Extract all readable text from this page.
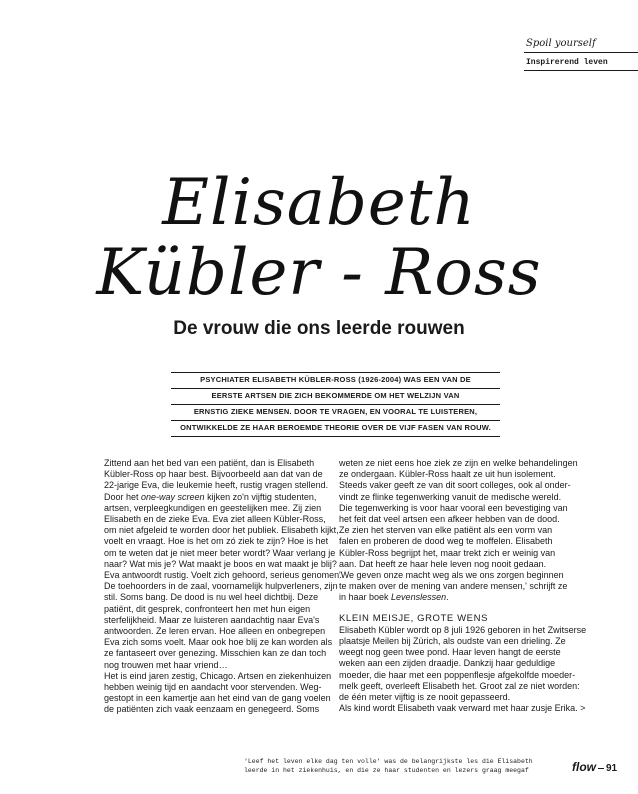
Spoil yourself
Inspirerend leven
Elisabeth
Kübler - Ross
De vrouw die ons leerde rouwen
PSYCHIATER ELISABETH KÜBLER-ROSS (1926-2004) WAS EEN VAN DE
EERSTE ARTSEN DIE ZICH BEKOMMERDE OM HET WELZIJN VAN
ERNSTIG ZIEKE MENSEN. DOOR TE VRAGEN, EN VOORAL TE LUISTEREN,
ONTWIKKELDE ZE HAAR BEROEMDE THEORIE OVER DE VIJF FASEN VAN ROUW.
Zittend aan het bed van een patiënt, dan is Elisabeth
Kübler-Ross op haar best. Bijvoorbeeld aan dat van de
22-jarige Eva, die leukemie heeft, rustig vragen stellend.
Door het one-way screen kijken zo'n vijftig studenten,
artsen, verpleegkundigen en geestelijken mee. Zij zien
Elisabeth en de zieke Eva. Eva ziet alleen Kübler-Ross,
om niet afgeleid te worden door het publiek. Elisabeth kijkt,
voelt en vraagt. Hoe is het om zó ziek te zijn? Hoe is het
om te weten dat je niet meer beter wordt? Waar verlang je
naar? Wat mis je? Wat maakt je boos en wat maakt je blij?
Eva antwoordt rustig. Voelt zich gehoord, serieus genomen.
De toehoorders in de zaal, voornamelijk hulpverleners, zijn
stil. Soms bang. De dood is nu wel heel dichtbij. Deze
patiënt, dit gesprek, confronteert hen met hun eigen
sterfelijkheid. Maar ze luisteren aandachtig naar Eva's
antwoorden. Ze leren ervan. Hoe alleen en onbegrepen
Eva zich soms voelt. Maar ook hoe blij ze kan worden als
ze fantaseert over genezing. Misschien kan ze dan toch
nog trouwen met haar vriend…
Het is eind jaren zestig, Chicago. Artsen en ziekenhuizen
hebben weinig tijd en aandacht voor stervenden. Weg-
gestopt in een kamertje aan het eind van de gang voelen
de patiënten zich vaak eenzaam en genegeerd. Soms
weten ze niet eens hoe ziek ze zijn en welke behandelingen
ze ondergaan. Kübler-Ross haalt ze uit hun isolement.
Steeds vaker geeft ze van dit soort colleges, ook al onder-
vindt ze flinke tegenwerking vanuit de medische wereld.
Die tegenwerking is voor haar vooral een bevestiging van
het feit dat veel artsen een afkeer hebben van de dood.
Ze zien het sterven van elke patiënt als een vorm van
falen en proberen de dood weg te moffelen. Elisabeth
Kübler-Ross begrijpt het, maar trekt zich er weinig van
aan. Dat heeft ze haar hele leven nog nooit gedaan.
'We geven onze macht weg als we ons zorgen beginnen
te maken over de mening van andere mensen,' schrijft ze
in haar boek Levenslessen.
KLEIN MEISJE, GROTE WENS
Elisabeth Kübler wordt op 8 juli 1926 geboren in het Zwitserse
plaatsje Meilen bij Zürich, als oudste van een drieling. Ze
weegt nog geen twee pond. Haar leven hangt de eerste
weken aan een zijden draadje. Dankzij haar geduldige
moeder, die haar met een poppenflesje afgekolfde moeder-
melk geeft, overleeft Elisabeth het. Groot zal ze niet worden:
de één meter vijftig is ze nooit gepasseerd.
Als kind wordt Elisabeth vaak verward met haar zusje Erika. >
'Leef het leven elke dag ten volle' was de belangrijkste les die Elisabeth
leerde in het ziekenhuis, en die ze haar studenten en lezers graag meegaf	flow 91
